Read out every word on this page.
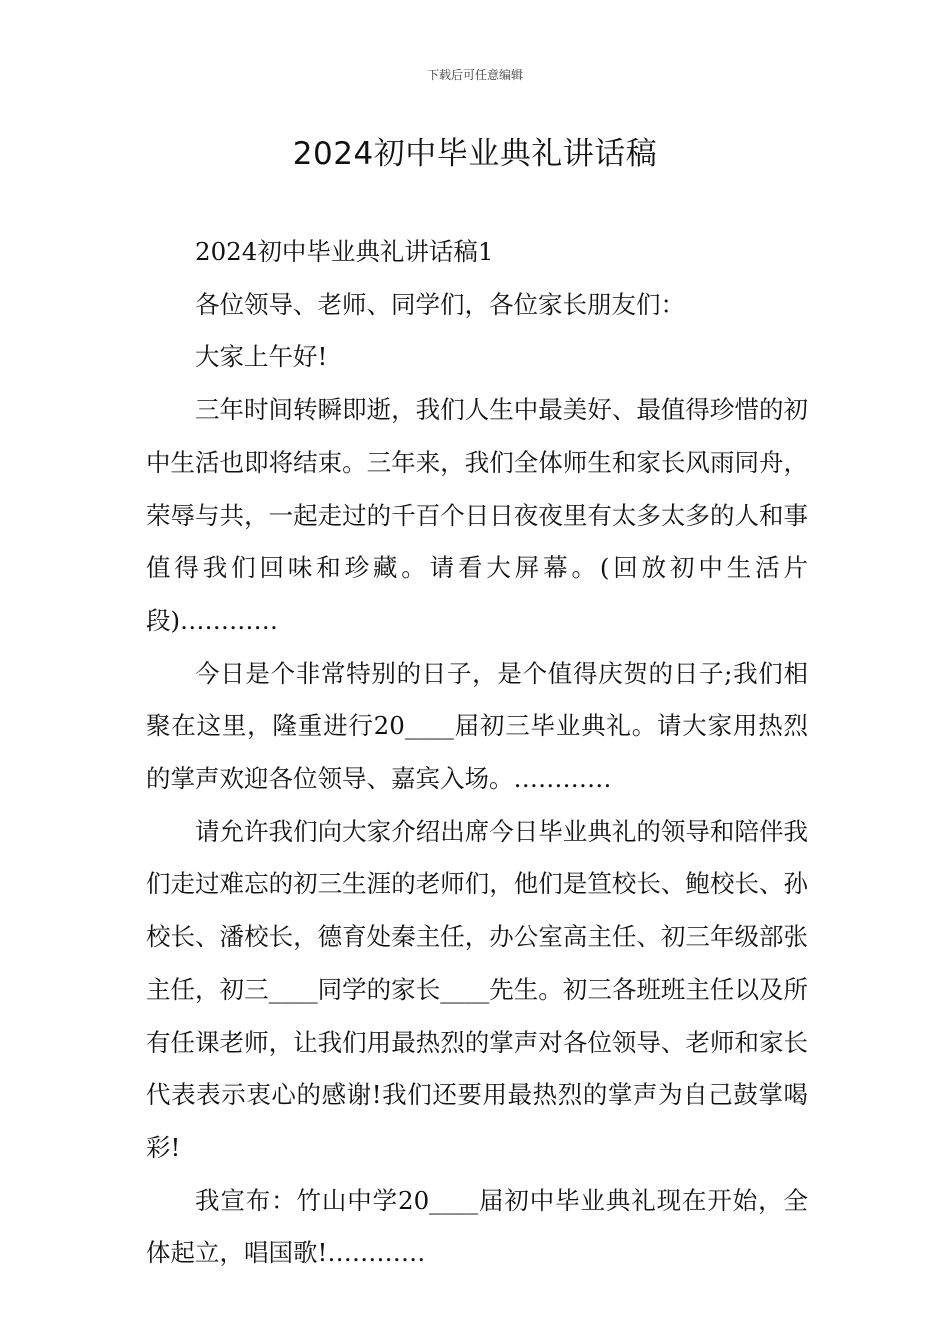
下载后可任意编辑
2024初中毕业典礼讲话稿

2024初中毕业典礼讲话稿1

各位领导、老师、同学们，各位家长朋友们：

大家上午好!

三年时间转瞬即逝，我们人生中最美好、最值得珍惜的初中生活也即将结束。三年来，我们全体师生和家长风雨同舟，荣辱与共，一起走过的千百个日日夜夜里有太多太多的人和事值得我们回味和珍藏。请看大屏幕。(回放初中生活片段)…………

今日是个非常特别的日子，是个值得庆贺的日子;我们相聚在这里，隆重进行20____届初三毕业典礼。请大家用热烈的掌声欢迎各位领导、嘉宾入场。…………

请允许我们向大家介绍出席今日毕业典礼的领导和陪伴我们走过难忘的初三生涯的老师们，他们是笪校长、鲍校长、孙校长、潘校长，德育处秦主任，办公室高主任、初三年级部张主任，初三____同学的家长____先生。初三各班班主任以及所有任课老师，让我们用最热烈的掌声对各位领导、老师和家长代表表示衷心的感谢!我们还要用最热烈的掌声为自己鼓掌喝彩!

我宣布：竹山中学20____届初中毕业典礼现在开始，全体起立，唱国歌!…………
